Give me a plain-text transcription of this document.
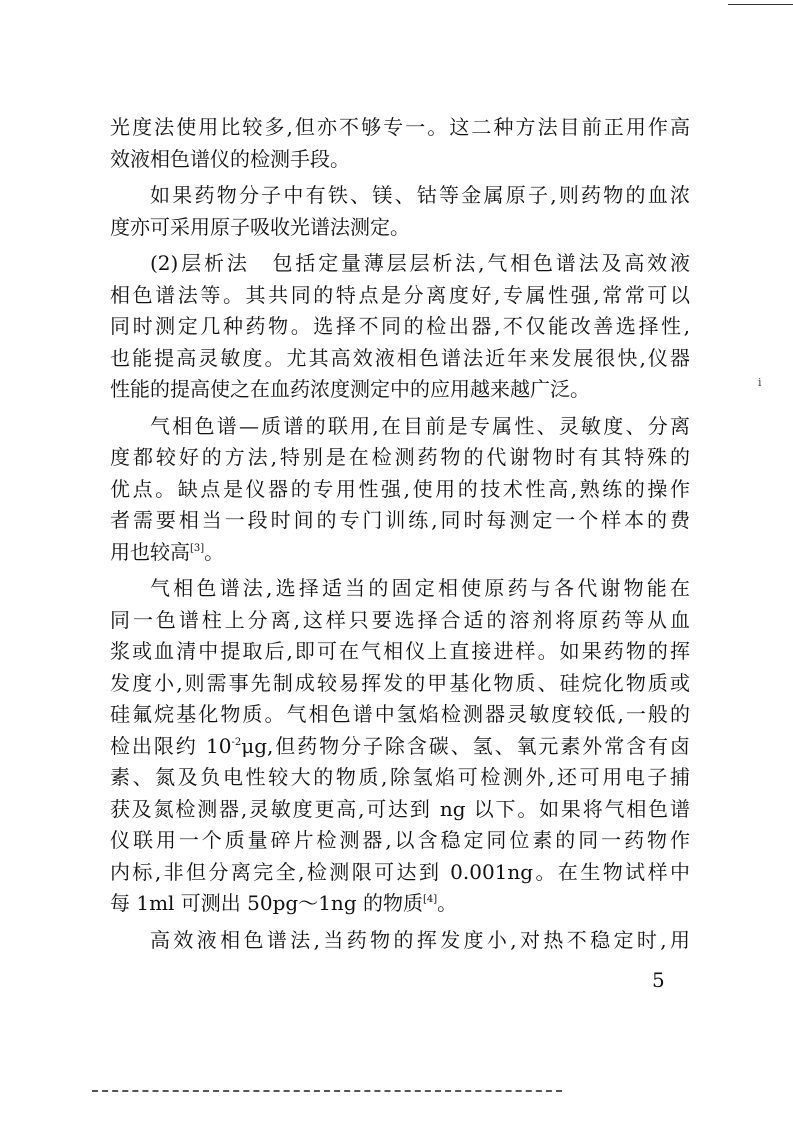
i
光度法使用比较多,但亦不够专一。这二种方法目前正用作高
效液相色谱仪的检测手段。
如果药物分子中有铁、镁、钴等金属原子,则药物的血浓
度亦可采用原子吸收光谱法测定。
(2)层析法　包括定量薄层层析法,气相色谱法及高效液
相色谱法等。其共同的特点是分离度好,专属性强,常常可以
同时测定几种药物。选择不同的检出器,不仅能改善选择性,
也能提高灵敏度。尤其高效液相色谱法近年来发展很快,仪器
性能的提高使之在血药浓度测定中的应用越来越广泛。
气相色谱—质谱的联用,在目前是专属性、灵敏度、分离
度都较好的方法,特别是在检测药物的代谢物时有其特殊的
优点。缺点是仪器的专用性强,使用的技术性高,熟练的操作
者需要相当一段时间的专门训练,同时每测定一个样本的费
用也较高[3]。
气相色谱法,选择适当的固定相使原药与各代谢物能在
同一色谱柱上分离,这样只要选择合适的溶剂将原药等从血
浆或血清中提取后,即可在气相仪上直接进样。如果药物的挥
发度小,则需事先制成较易挥发的甲基化物质、硅烷化物质或
硅氟烷基化物质。气相色谱中氢焰检测器灵敏度较低,一般的
检出限约 $10^{-2}\mu g$,但药物分子除含碳、氢、氧元素外常含有卤
素、氮及负电性较大的物质,除氢焰可检测外,还可用电子捕
获及氮检测器,灵敏度更高,可达到 ng 以下。如果将气相色谱
仪联用一个质量碎片检测器,以含稳定同位素的同一药物作
内标,非但分离完全,检测限可达到 0.001ng。在生物试样中
每 1ml 可测出 50pg～1ng 的物质[4]。
高效液相色谱法,当药物的挥发度小,对热不稳定时,用
5
